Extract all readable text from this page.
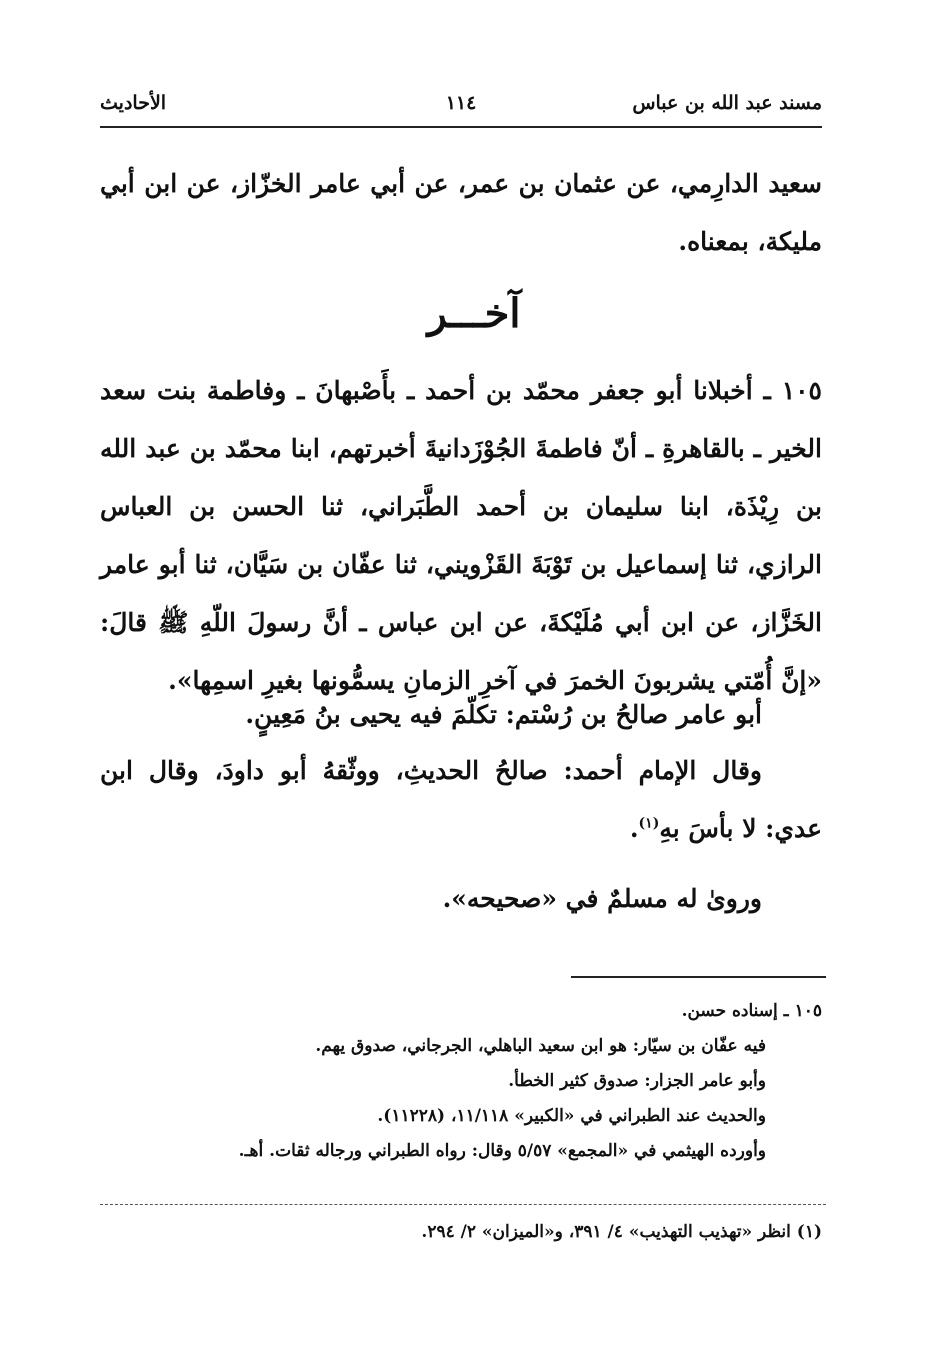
مسند عبد الله بن عباس
١١٤
الأحاديث
سعيد الدارِمي، عن عثمان بن عمر، عن أبي عامر الخزّاز، عن ابن أبي مليكة، بمعناه.
آخـــر
١٠٥ ـ أخبلانا أبو جعفر محمّد بن أحمد ـ بأَصْبهانَ ـ وفاطمة بنت سعد الخير ـ بالقاهرةِ ـ أنّ فاطمةَ الجُوْزَدانيةَ أخبرتهم، ابنا محمّد بن عبد الله بن رِيْذَة، ابنا سليمان بن أحمد الطَّبَراني، ثنا الحسن بن العباس الرازي، ثنا إسماعيل بن تَوْبَةَ القَزْويني، ثنا عفّان بن سَيَّان، ثنا أبو عامر الخَزَّاز، عن ابن أبي مُلَيْكةَ، عن ابن عباس ـ أنَّ رسولَ اللّهِ ﷺ قالَ: «إنَّ أُمّتي يشربونَ الخمرَ في آخرِ الزمانِ يسمُّونها بغيرِ اسمِها».
أبو عامر صالحُ بن رُسْتم: تكلّمَ فيه يحيى بنُ مَعِينٍ.
وقال الإمام أحمد: صالحُ الحديثِ، ووثّقهُ أبو داودَ، وقال ابن عدي: لا بأسَ بهِ$^{(١)}$.
وروىٰ له مسلمٌ في «صحيحه».
١٠٥ ـ إسناده حسن.
فيه عفّان بن سيّار: هو ابن سعيد الباهلي، الجرجاني، صدوق يهم.
وأبو عامر الجزار: صدوق كثير الخطأ.
والحديث عند الطبراني في «الكبير» ١١/١١٨، (١١٢٢٨).
وأورده الهيثمي في «المجمع» ٥/٥٧ وقال: رواه الطبراني ورجاله ثقات. أهـ.
(١) انظر «تهذيب التهذيب» ٤/ ٣٩١، و«الميزان» ٢/ ٢٩٤.
